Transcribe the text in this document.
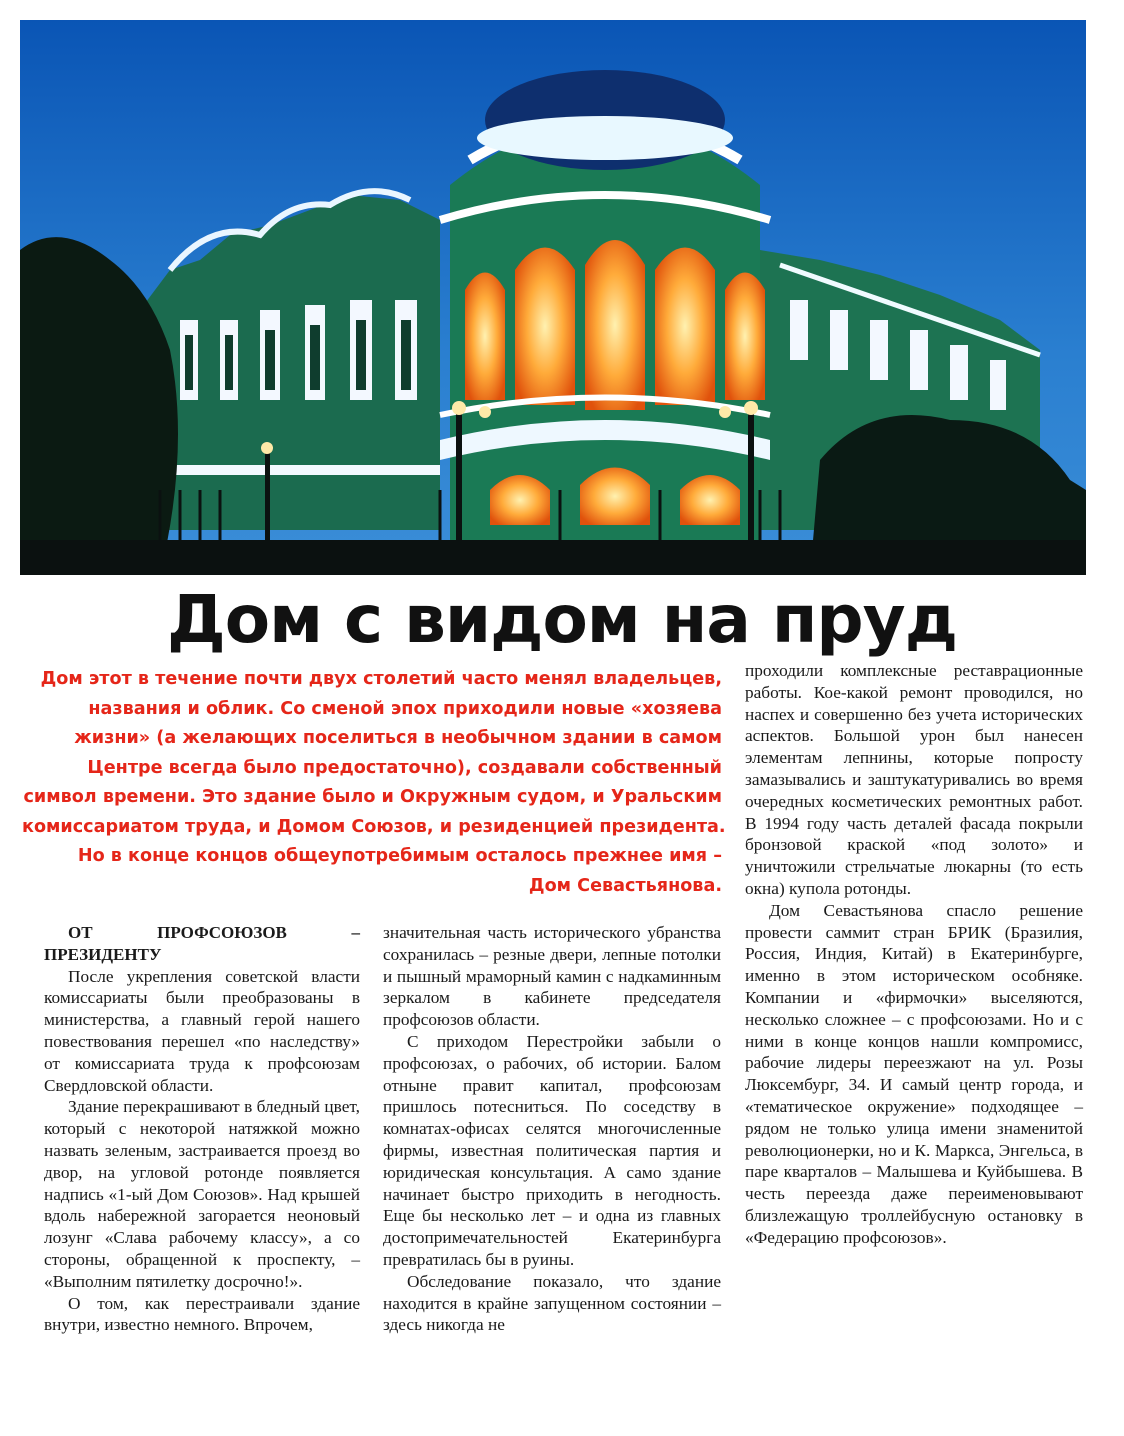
Дом с видом на пруд
Дом этот в течение почти двух столетий часто менял владельцев,
названия и облик. Со сменой эпох приходили новые «хозяева
жизни» (а желающих поселиться в необычном здании в самом
Центре всегда было предостаточно), создавали собственный
символ времени. Это здание было и Окружным судом, и Уральским
комиссариатом труда, и Домом Союзов, и резиденцией президента.
Но в конце концов общеупотребимым осталось прежнее имя –
Дом Севастьянова.

ОТ ПРОФСОЮЗОВ – ПРЕЗИДЕНТУ

После укрепления советской власти комиссариаты были преобразованы в министерства, а главный герой нашего повествования перешел «по наследству» от комиссариата труда к профсоюзам Свердловской области.

Здание перекрашивают в бледный цвет, который с некоторой натяжкой можно назвать зеленым, застраивается проезд во двор, на угловой ротонде появляется надпись «1-ый Дом Союзов». Над крышей вдоль набережной загорается неоновый лозунг «Слава рабочему классу», а со стороны, обращенной к проспекту, – «Выполним пятилетку досрочно!».

О том, как перестраивали здание внутри, известно немного. Впрочем,

значительная часть исторического убранства сохранилась – резные двери, лепные потолки и пышный мраморный камин с надкаминным зеркалом в кабинете председателя профсоюзов области.

С приходом Перестройки забыли о профсоюзах, о рабочих, об истории. Балом отныне правит капитал, профсоюзам пришлось потесниться. По соседству в комнатах-офисах селятся многочисленные фирмы, известная политическая партия и юридическая консультация. А само здание начинает быстро приходить в негодность. Еще бы несколько лет – и одна из главных достопримечательностей Екатеринбурга превратилась бы в руины.

Обследование показало, что здание находится в крайне запущенном состоянии – здесь никогда не

проходили комплексные реставрационные работы. Кое-какой ремонт проводился, но наспех и совершенно без учета исторических аспектов. Большой урон был нанесен элементам лепнины, которые попросту замазывались и заштукатуривались во время очередных косметических ремонтных работ. В 1994 году часть деталей фасада покрыли бронзовой краской «под золото» и уничтожили стрельчатые люкарны (то есть окна) купола ротонды.

Дом Севастьянова спасло решение провести саммит стран БРИК (Бразилия, Россия, Индия, Китай) в Екатеринбурге, именно в этом историческом особняке. Компании и «фирмочки» выселяются, несколько сложнее – с профсоюзами. Но и с ними в конце концов нашли компромисс, рабочие лидеры переезжают на ул. Розы Люксембург, 34. И самый центр города, и «тематическое окружение» подходящее – рядом не только улица имени знаменитой революционерки, но и К. Маркса, Энгельса, в паре кварталов – Малышева и Куйбышева. В честь переезда даже переименовывают близлежащую троллейбусную остановку в «Федерацию профсоюзов».
